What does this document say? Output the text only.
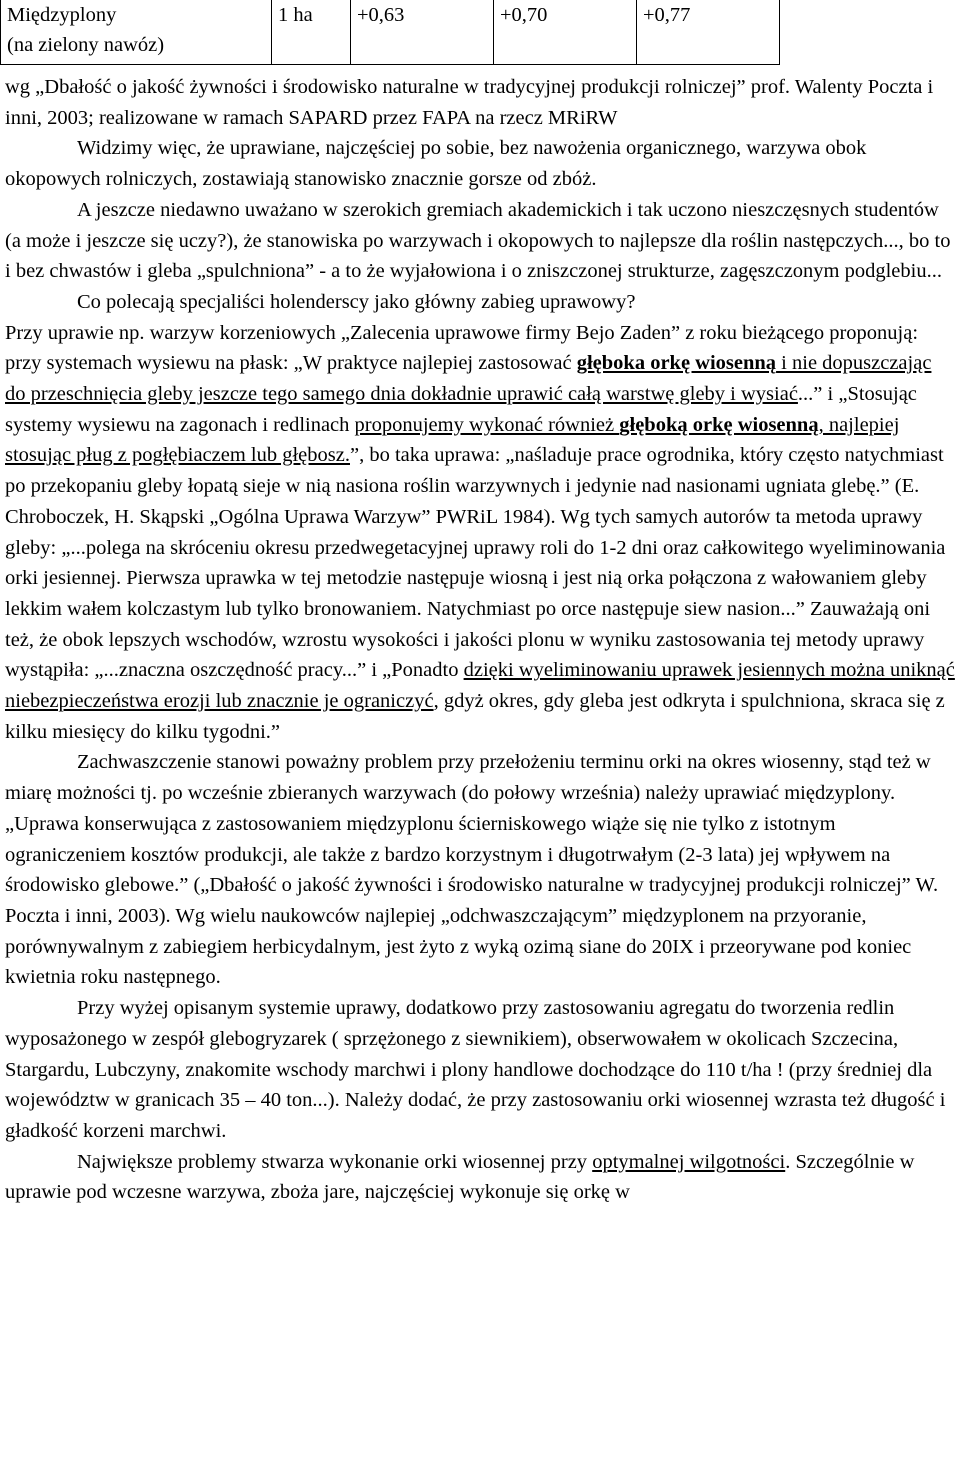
Międzyplony
(na zielony nawóz)
	1 ha	+0,63	+0,70	+0,77
wg „Dbałość o jakość żywności i środowisko naturalne w tradycyjnej produkcji rolniczej” prof. Walenty Poczta i inni, 2003; realizowane w ramach SAPARD przez FAPA na rzecz MRiRW
Widzimy więc, że uprawiane, najczęściej po sobie, bez nawożenia organicznego, warzywa obok okopowych rolniczych, zostawiają stanowisko znacznie gorsze od zbóż.
A jeszcze niedawno uważano w szerokich gremiach akademickich i tak uczono nieszczęsnych studentów (a może i jeszcze się uczy?), że stanowiska po warzywach i okopowych to najlepsze dla roślin następczych..., bo to i bez chwastów i gleba „spulchniona” - a to że wyjałowiona i o zniszczonej strukturze, zagęszczonym podglebiu...
Co polecają specjaliści holenderscy jako główny zabieg uprawowy?
Przy uprawie np. warzyw korzeniowych „Zalecenia uprawowe firmy Bejo Zaden” z roku bieżącego proponują: przy systemach wysiewu na płask: „W praktyce najlepiej zastosować głęboka orkę wiosenną i nie dopuszczając do przeschnięcia gleby jeszcze tego samego dnia dokładnie uprawić całą warstwę gleby i wysiać...” i „Stosując systemy wysiewu na zagonach i redlinach proponujemy wykonać również głęboką orkę wiosenną, najlepiej stosując pług z pogłębiaczem lub głębosz.”, bo taka uprawa: „naśladuje prace ogrodnika, który często natychmiast po przekopaniu gleby łopatą sieje w nią nasiona roślin warzywnych i jedynie nad nasionami ugniata glebę.” (E. Chroboczek, H. Skąpski „Ogólna Uprawa Warzyw” PWRiL 1984). Wg tych samych autorów ta metoda uprawy gleby: „...polega na skróceniu okresu przedwegetacyjnej uprawy roli do 1-2 dni oraz całkowitego wyeliminowania orki jesiennej. Pierwsza uprawka w tej metodzie następuje wiosną i jest nią orka połączona z wałowaniem gleby lekkim wałem kolczastym lub tylko bronowaniem. Natychmiast po orce następuje siew nasion...” Zauważają oni też, że obok lepszych wschodów, wzrostu wysokości i jakości plonu w wyniku zastosowania tej metody uprawy wystąpiła: „...znaczna oszczędność pracy...” i „Ponadto dzięki wyeliminowaniu uprawek jesiennych można uniknąć niebezpieczeństwa erozji lub znacznie je ograniczyć, gdyż okres, gdy gleba jest odkryta i spulchniona, skraca się z kilku miesięcy do kilku tygodni.”
Zachwaszczenie stanowi poważny problem przy przełożeniu terminu orki na okres wiosenny, stąd też w miarę możności tj. po wcześnie zbieranych warzywach (do połowy września) należy uprawiać międzyplony. „Uprawa konserwująca z zastosowaniem międzyplonu ścierniskowego wiąże się nie tylko z istotnym ograniczeniem kosztów produkcji, ale także z bardzo korzystnym i długotrwałym (2-3 lata) jej wpływem na środowisko glebowe.” („Dbałość o jakość żywności i środowisko naturalne w tradycyjnej produkcji rolniczej” W. Poczta i inni, 2003). Wg wielu naukowców najlepiej „odchwaszczającym” międzyplonem na przyoranie, porównywalnym z zabiegiem herbicydalnym, jest żyto z wyką ozimą siane do 20IX i przeorywane pod koniec kwietnia roku następnego.
Przy wyżej opisanym systemie uprawy, dodatkowo przy zastosowaniu agregatu do tworzenia redlin wyposażonego w zespół glebogryzarek ( sprzężonego z siewnikiem), obserwowałem w okolicach Szczecina, Stargardu, Lubczyny, znakomite wschody marchwi i plony handlowe dochodzące do 110 t/ha ! (przy średniej dla województw w granicach 35 – 40 ton...). Należy dodać, że przy zastosowaniu orki wiosennej wzrasta też długość i gładkość korzeni marchwi.
Największe problemy stwarza wykonanie orki wiosennej przy optymalnej wilgotności. Szczególnie w uprawie pod wczesne warzywa, zboża jare, najczęściej wykonuje się orkę w
